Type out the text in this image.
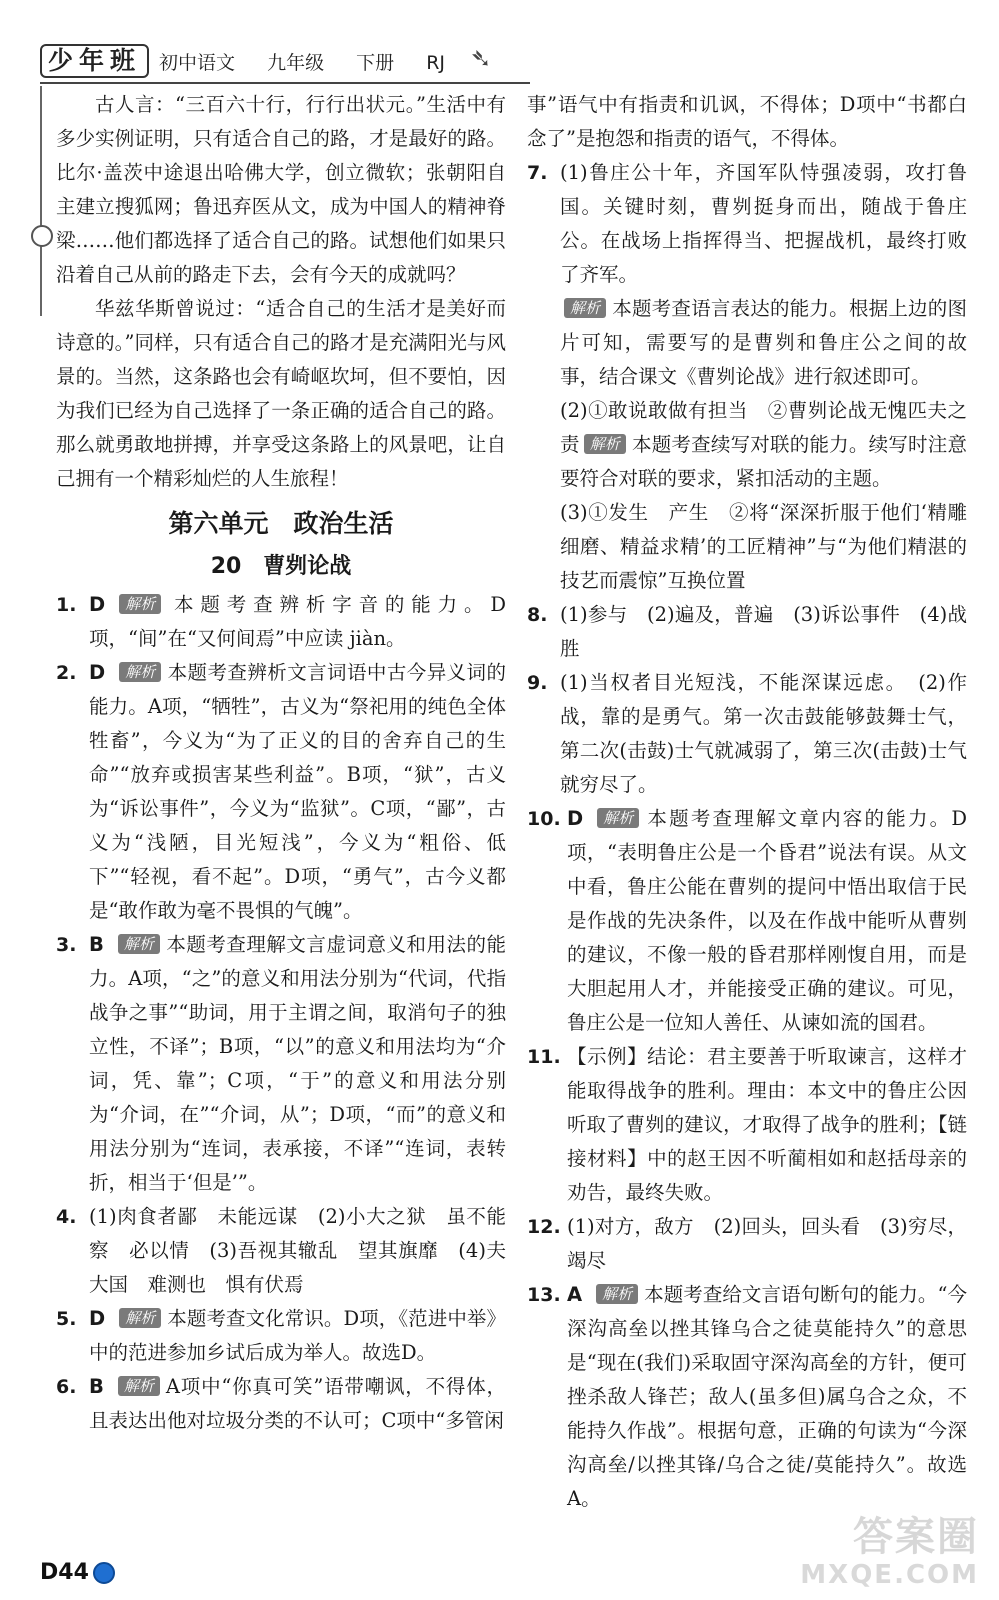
少年班 初中语文 九年级 下册 RJ ➴

古人言：“三百六十行，行行出状元。”生活中有多少实例证明，只有适合自己的路，才是最好的路。比尔·盖茨中途退出哈佛大学，创立微软；张朝阳自主建立搜狐网；鲁迅弃医从文，成为中国人的精神脊梁……他们都选择了适合自己的路。试想他们如果只沿着自己从前的路走下去，会有今天的成就吗？

华兹华斯曾说过：“适合自己的生活才是美好而诗意的。”同样，只有适合自己的路才是充满阳光与风景的。当然，这条路也会有崎岖坎坷，但不要怕，因为我们已经为自己选择了一条正确的适合自己的路。那么就勇敢地拼搏，并享受这条路上的风景吧，让自己拥有一个精彩灿烂的人生旅程！

第六单元　政治生活
20　曹刿论战

1. D 解析 本题考查辨析字音的能力。D项，“间”在“又何间焉”中应读 jiàn。

2. D 解析 本题考查辨析文言词语中古今异义词的能力。A项，“牺牲”，古义为“祭祀用的纯色全体牲畜”，今义为“为了正义的目的舍弃自己的生命”“放弃或损害某些利益”。B项，“狱”，古义为“诉讼事件”，今义为“监狱”。C项，“鄙”，古义为“浅陋，目光短浅”，今义为“粗俗、低下”“轻视，看不起”。D项，“勇气”，古今义都是“敢作敢为毫不畏惧的气魄”。

3. B 解析 本题考查理解文言虚词意义和用法的能力。A项，“之”的意义和用法分别为“代词，代指战争之事”“助词，用于主谓之间，取消句子的独立性，不译”；B项，“以”的意义和用法均为“介词，凭、靠”；C项，“于”的意义和用法分别为“介词，在”“介词，从”；D项，“而”的意义和用法分别为“连词，表承接，不译”“连词，表转折，相当于‘但是’”。

4. (1)肉食者鄙　未能远谋　(2)小大之狱　虽不能察　必以情　(3)吾视其辙乱　望其旗靡　(4)夫大国　难测也　惧有伏焉

5. D 解析 本题考查文化常识。D项，《范进中举》中的范进参加乡试后成为举人。故选D。

6. B 解析 A项中“你真可笑”语带嘲讽，不得体，且表达出他对垃圾分类的不认可；C项中“多管闲

事”语气中有指责和讥讽，不得体；D项中“书都白念了”是抱怨和指责的语气，不得体。

7. (1)鲁庄公十年，齐国军队恃强凌弱，攻打鲁国。关键时刻，曹刿挺身而出，随战于鲁庄公。在战场上指挥得当、把握战机，最终打败了齐军。
解析 本题考查语言表达的能力。根据上边的图片可知，需要写的是曹刿和鲁庄公之间的故事，结合课文《曹刿论战》进行叙述即可。
(2)①敢说敢做有担当　②曹刿论战无愧匹夫之责 解析 本题考查续写对联的能力。续写时注意要符合对联的要求，紧扣活动的主题。
(3)①发生　产生　②将“深深折服于他们‘精雕细磨、精益求精’的工匠精神”与“为他们精湛的技艺而震惊”互换位置

8. (1)参与　(2)遍及，普遍　(3)诉讼事件　(4)战胜

9. (1)当权者目光短浅，不能深谋远虑。　(2)作战，靠的是勇气。第一次击鼓能够鼓舞士气，第二次(击鼓)士气就减弱了，第三次(击鼓)士气就穷尽了。

10. D 解析 本题考查理解文章内容的能力。D项，“表明鲁庄公是一个昏君”说法有误。从文中看，鲁庄公能在曹刿的提问中悟出取信于民是作战的先决条件，以及在作战中能听从曹刿的建议，不像一般的昏君那样刚愎自用，而是大胆起用人才，并能接受正确的建议。可见，鲁庄公是一位知人善任、从谏如流的国君。

11. 【示例】结论：君主要善于听取谏言，这样才能取得战争的胜利。理由：本文中的鲁庄公因听取了曹刿的建议，才取得了战争的胜利；【链接材料】中的赵王因不听蔺相如和赵括母亲的劝告，最终失败。

12. (1)对方，敌方　(2)回头，回头看　(3)穷尽，竭尽

13. A 解析 本题考查给文言语句断句的能力。“今深沟高垒以挫其锋乌合之徒莫能持久”的意思是“现在(我们)采取固守深沟高垒的方针，便可挫杀敌人锋芒；敌人(虽多但)属乌合之众，不能持久作战”。根据句意，正确的句读为“今深沟高垒/以挫其锋/乌合之徒/莫能持久”。故选A。

D44
答案圈
MXQE.COM
